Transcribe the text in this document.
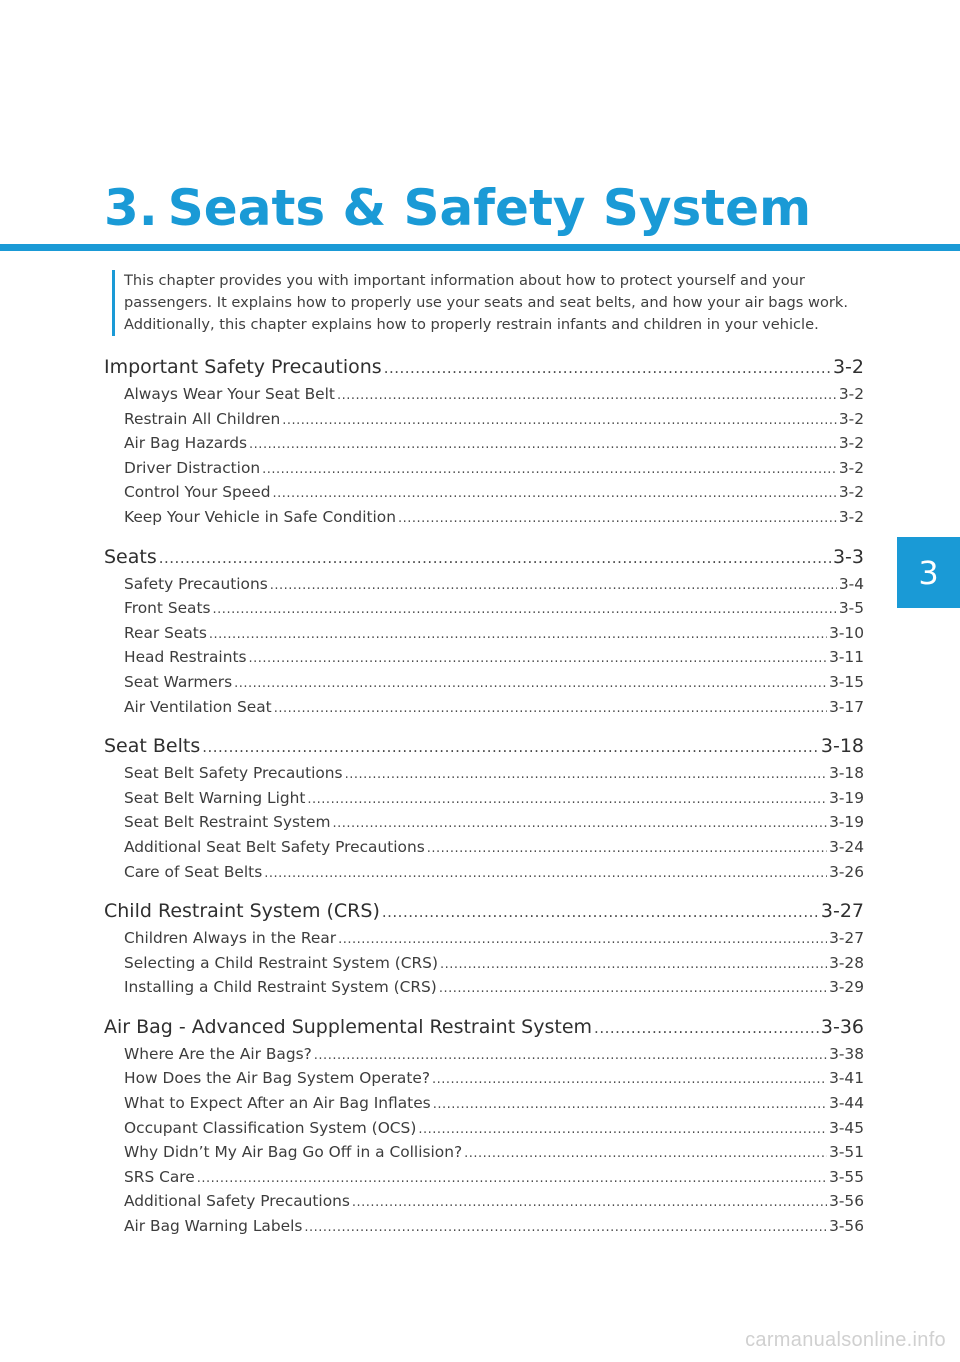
3. Seats & Safety System

This chapter provides you with important information about how to protect yourself and your

passengers. It explains how to properly use your seats and seat belts, and how your air bags work.

Additionally, this chapter explains how to properly restrain infants and children in your vehicle.

Important Safety Precautions .....	3-2
Always Wear Your Seat Belt .....	3-2
Restrain All Children .....	3-2
Air Bag Hazards .....	3-2
Driver Distraction .....	3-2
Control Your Speed .....	3-2
Keep Your Vehicle in Safe Condition .....	3-2
Seats .....	3-3
Safety Precautions .....	3-4
Front Seats .....	3-5
Rear Seats .....	3-10
Head Restraints .....	3-11
Seat Warmers .....	3-15
Air Ventilation Seat .....	3-17
Seat Belts .....	3-18
Seat Belt Safety Precautions .....	3-18
Seat Belt Warning Light .....	3-19
Seat Belt Restraint System .....	3-19
Additional Seat Belt Safety Precautions .....	3-24
Care of Seat Belts .....	3-26
Child Restraint System (CRS) .....	3-27
Children Always in the Rear .....	3-27
Selecting a Child Restraint System (CRS) .....	3-28
Installing a Child Restraint System (CRS) .....	3-29
Air Bag - Advanced Supplemental Restraint System .....	3-36
Where Are the Air Bags? .....	3-38
How Does the Air Bag System Operate? .....	3-41
What to Expect After an Air Bag Inflates .....	3-44
Occupant Classification System (OCS) .....	3-45
Why Didn’t My Air Bag Go Off in a Collision? .....	3-51
SRS Care .....	3-55
Additional Safety Precautions .....	3-56
Air Bag Warning Labels .....	3-56
3
carmanualsonline.info
